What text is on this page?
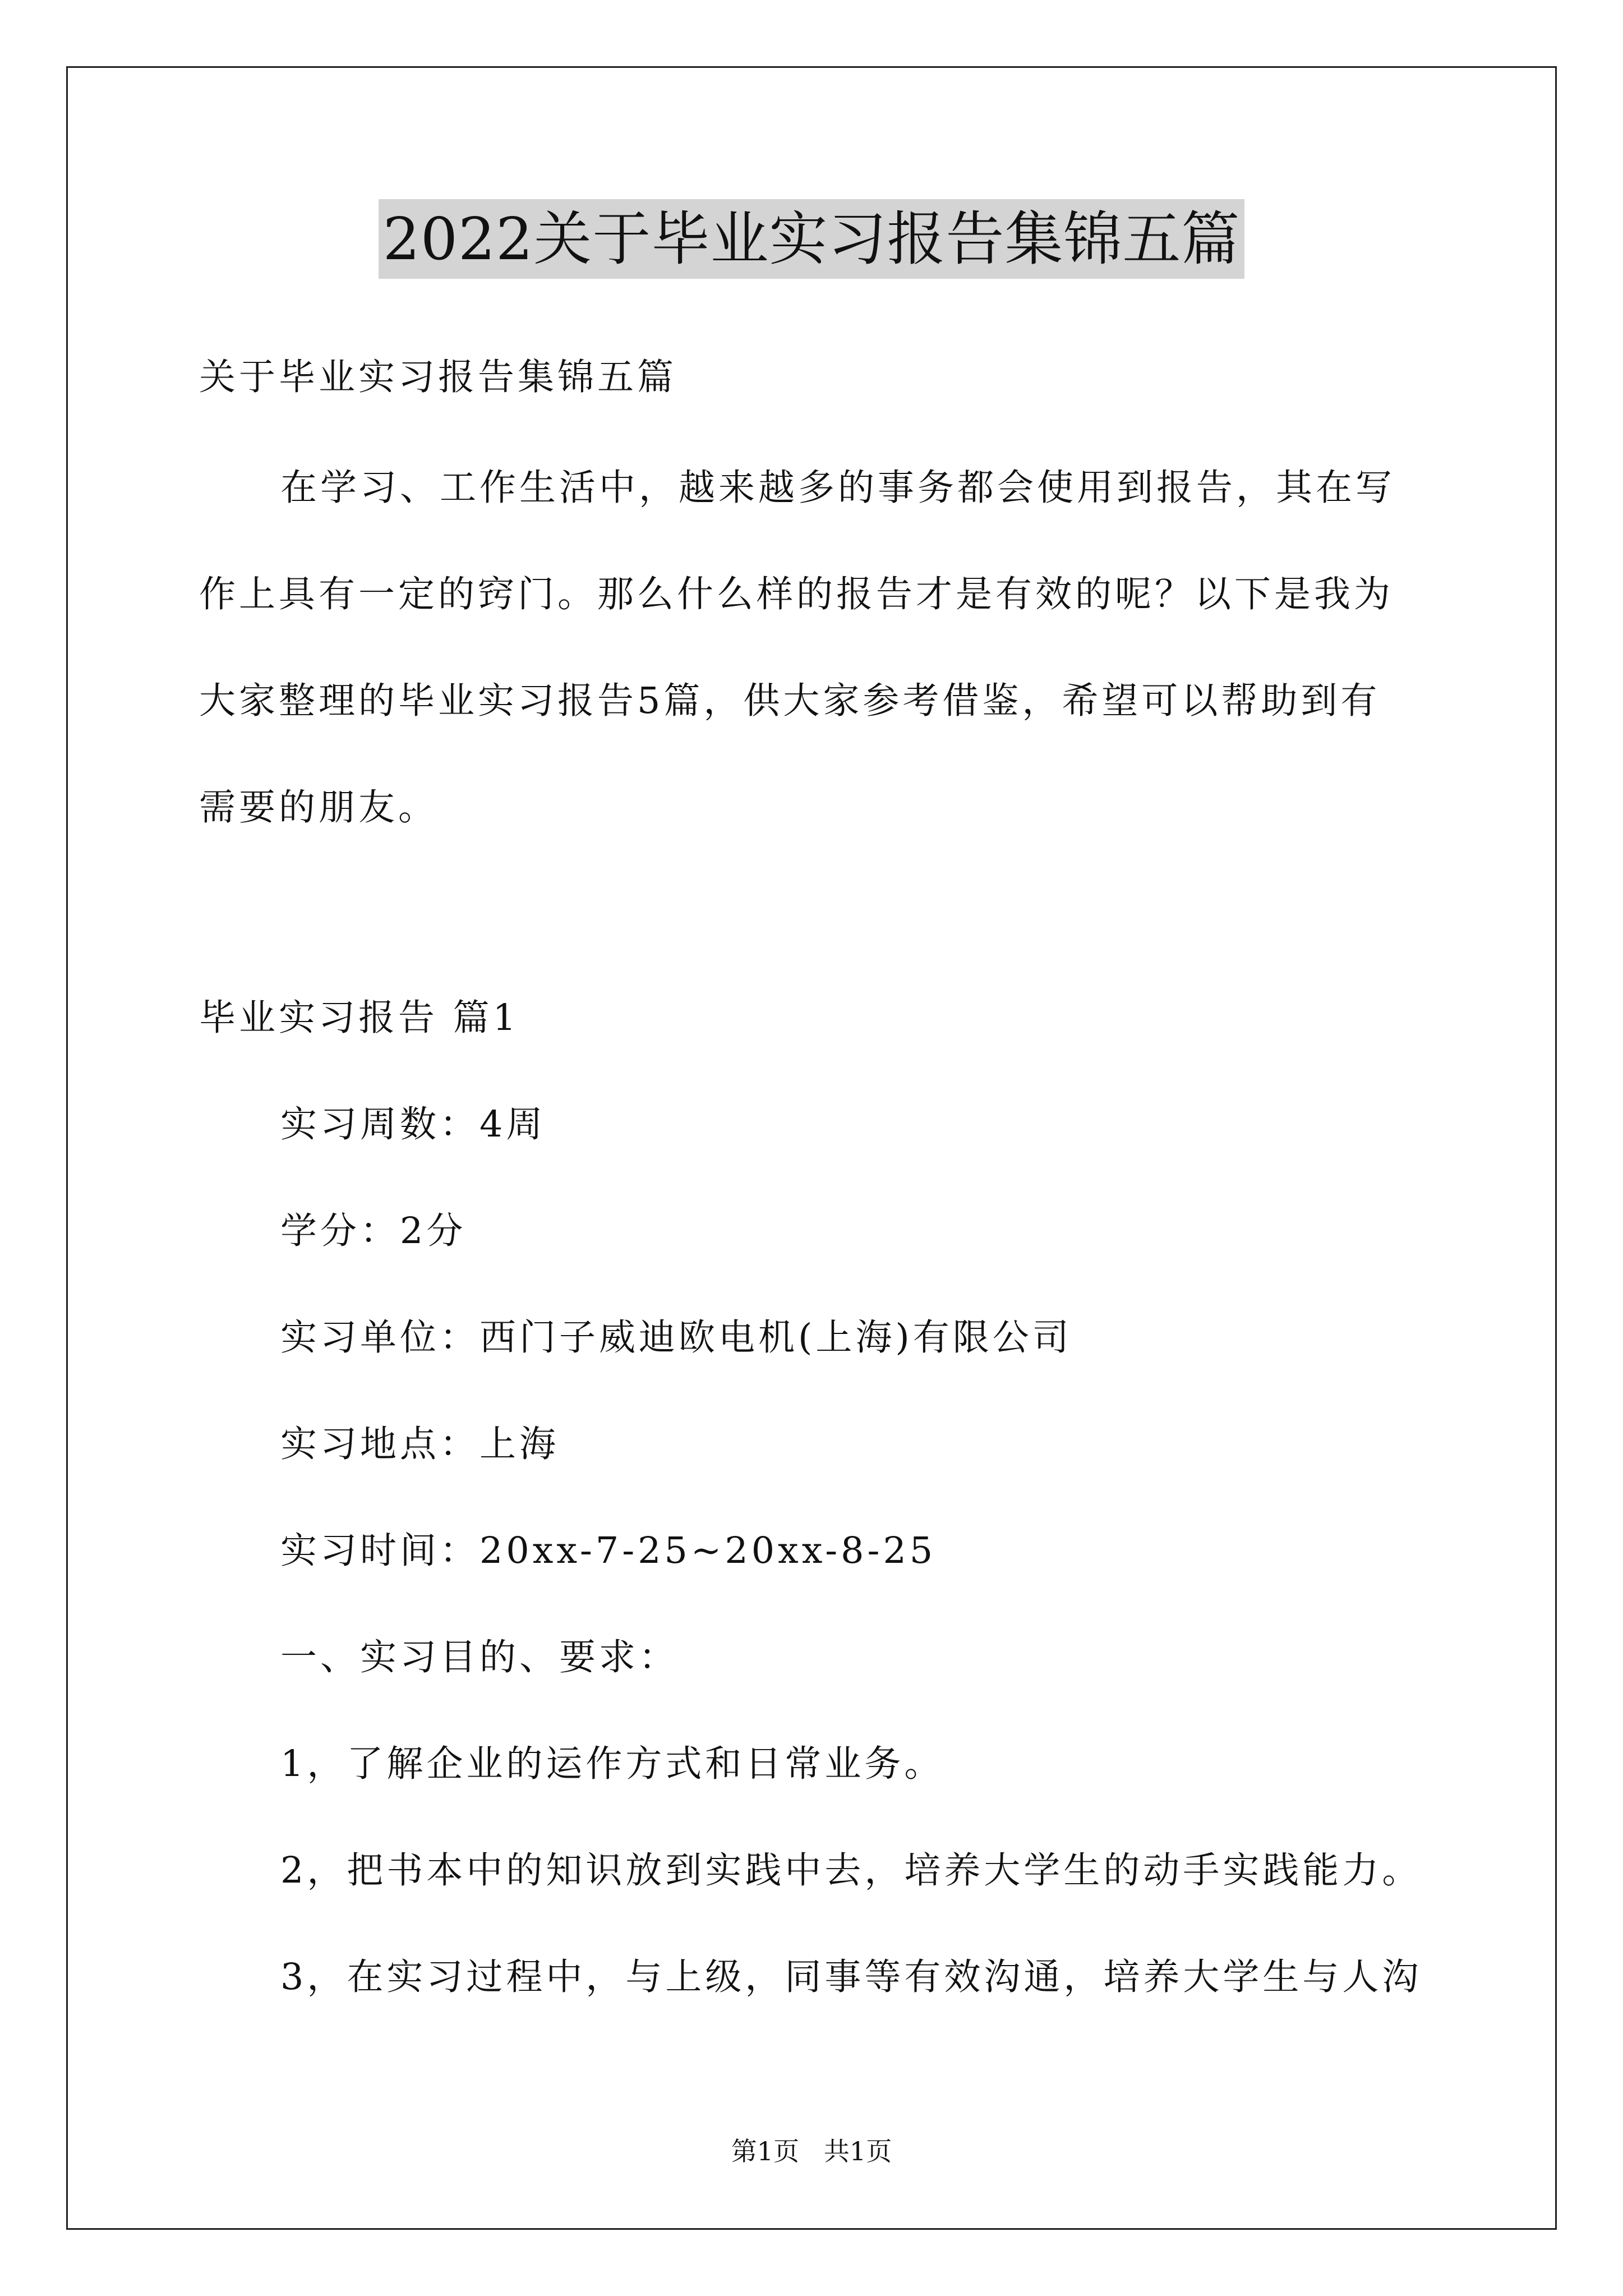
2022关于毕业实习报告集锦五篇
关于毕业实习报告集锦五篇
在学习、工作生活中，越来越多的事务都会使用到报告，其在写
作上具有一定的窍门。那么什么样的报告才是有效的呢？以下是我为
大家整理的毕业实习报告5篇，供大家参考借鉴，希望可以帮助到有
需要的朋友。
毕业实习报告 篇1
实习周数：4周
学分：2分
实习单位：西门子威迪欧电机(上海)有限公司
实习地点：上海
实习时间：20xx-7-25~20xx-8-25
一、实习目的、要求：
1，了解企业的运作方式和日常业务。
2，把书本中的知识放到实践中去，培养大学生的动手实践能力。
3，在实习过程中，与上级，同事等有效沟通，培养大学生与人沟
第1页   共1页
